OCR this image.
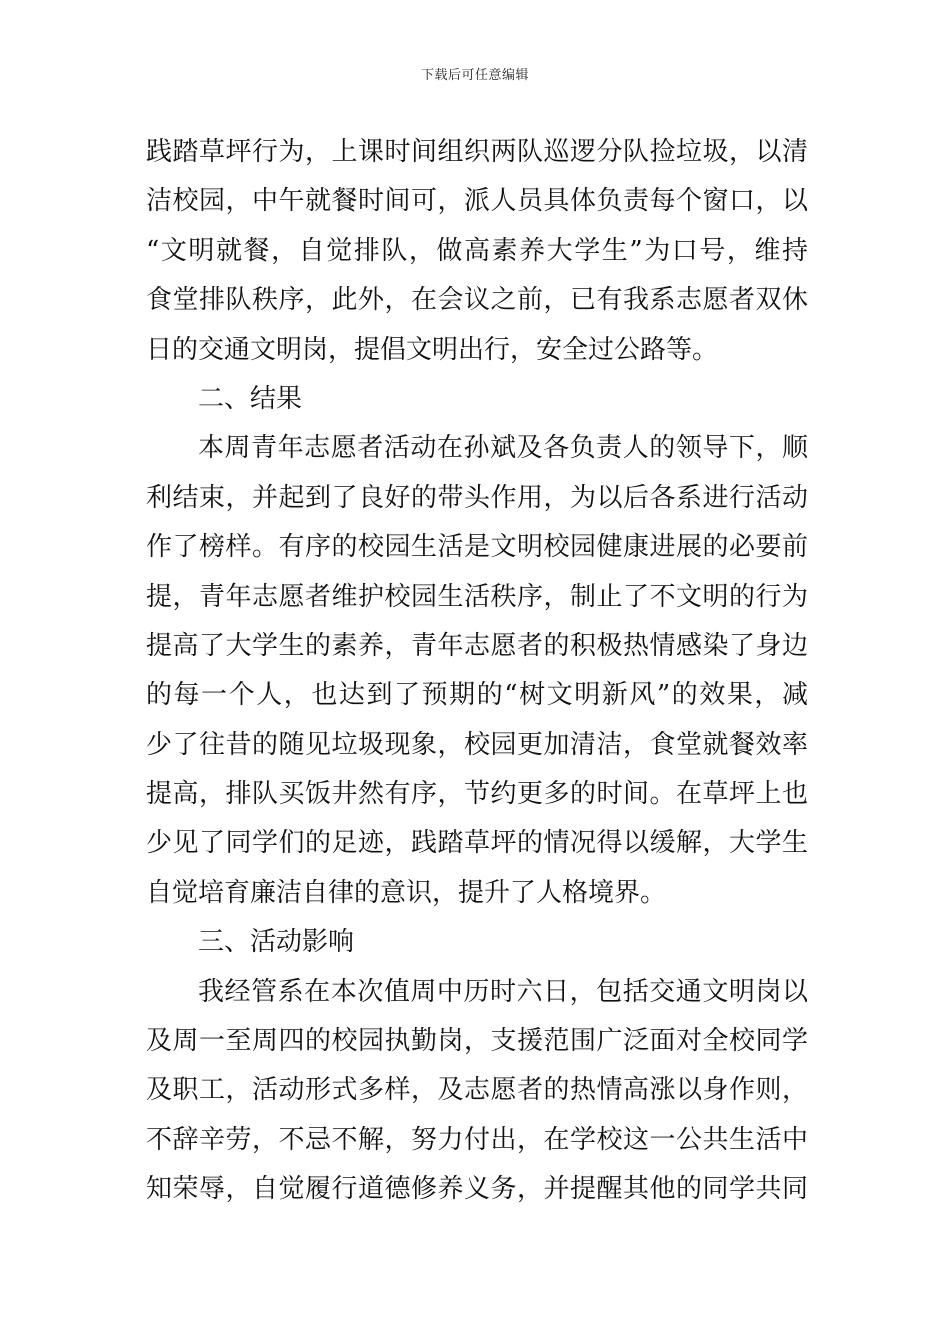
下载后可任意编辑
践踏草坪行为，上课时间组织两队巡逻分队捡垃圾，以清
洁校园，中午就餐时间可，派人员具体负责每个窗口，以
“文明就餐，自觉排队，做高素养大学生”为口号，维持
食堂排队秩序，此外，在会议之前，已有我系志愿者双休
日的交通文明岗，提倡文明出行，安全过公路等。
二、结果
本周青年志愿者活动在孙斌及各负责人的领导下，顺
利结束，并起到了良好的带头作用，为以后各系进行活动
作了榜样。有序的校园生活是文明校园健康进展的必要前
提，青年志愿者维护校园生活秩序，制止了不文明的行为
提高了大学生的素养，青年志愿者的积极热情感染了身边
的每一个人，也达到了预期的“树文明新风”的效果，减
少了往昔的随见垃圾现象，校园更加清洁，食堂就餐效率
提高，排队买饭井然有序，节约更多的时间。在草坪上也
少见了同学们的足迹，践踏草坪的情况得以缓解，大学生
自觉培育廉洁自律的意识，提升了人格境界。
三、活动影响
我经管系在本次值周中历时六日，包括交通文明岗以
及周一至周四的校园执勤岗，支援范围广泛面对全校同学
及职工，活动形式多样，及志愿者的热情高涨以身作则，
不辞辛劳，不忌不解，努力付出，在学校这一公共生活中
知荣辱，自觉履行道德修养义务，并提醒其他的同学共同
